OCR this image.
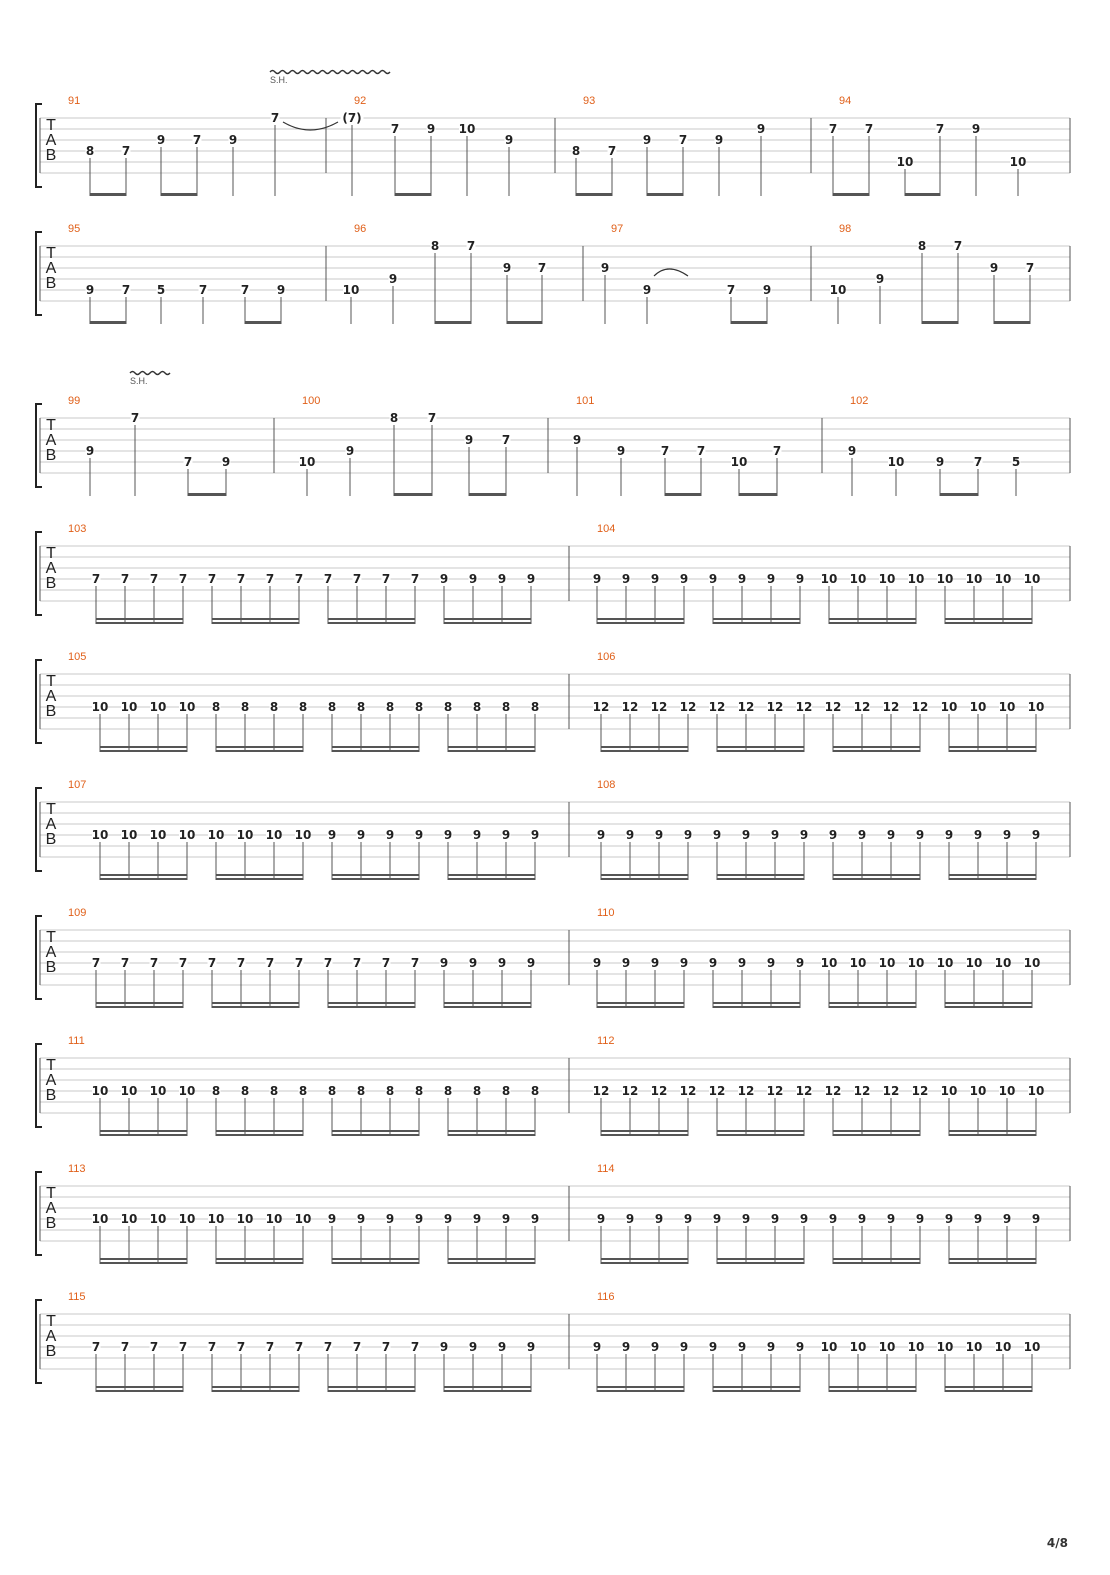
T
A
B
91
8 7
9 7 9
7
92
(7)
7 9 10
9
93
8 7
9 7 9
9
94
7 7
10
7 9
10
T
A
B
95
9 7 5	7	7 9
96
10
9
8 7
9 7
97
9
9	7 9
98
10
9
8 7
9 7
T
A
B
99
9
7
7 9
100
10
9
8 7
9 7
101
9
9	7 7
10
7
102
9
10	9 7 5
S.H.
S.H.
T
A
B
103
7 7 7 7 7 7 7 7 7 7 7 7 9 9 9 9
104
9 9 9 9 9 9 9 9 10 10 10 10 10 10 10 10
T
A
B
105
10 10 10 10 8 8 8 8 8 8 8 8 8 8 8 8
106
12 12 12 12 12 12 12 12 12 12 12 12 10 10 10 10
T
A
B
107
10 10 10 10 10 10 10 10 9 9 9 9 9 9 9 9
108
9 9 9 9 9 9 9 9 9 9 9 9 9 9 9 9
T
A
B
109
7 7 7 7 7 7 7 7 7 7 7 7 9 9 9 9
110
9 9 9 9 9 9 9 9 10 10 10 10 10 10 10 10
T
A
B
111
10 10 10 10 8 8 8 8 8 8 8 8 8 8 8 8
112
12 12 12 12 12 12 12 12 12 12 12 12 10 10 10 10
T
A
B
113
10 10 10 10 10 10 10 10 9 9 9 9 9 9 9 9
114
9 9 9 9 9 9 9 9 9 9 9 9 9 9 9 9
T
A
B
115
7 7 7 7 7 7 7 7 7 7 7 7 9 9 9 9
116
9 9 9 9 9 9 9 9 10 10 10 10 10 10 10 10
4/8
